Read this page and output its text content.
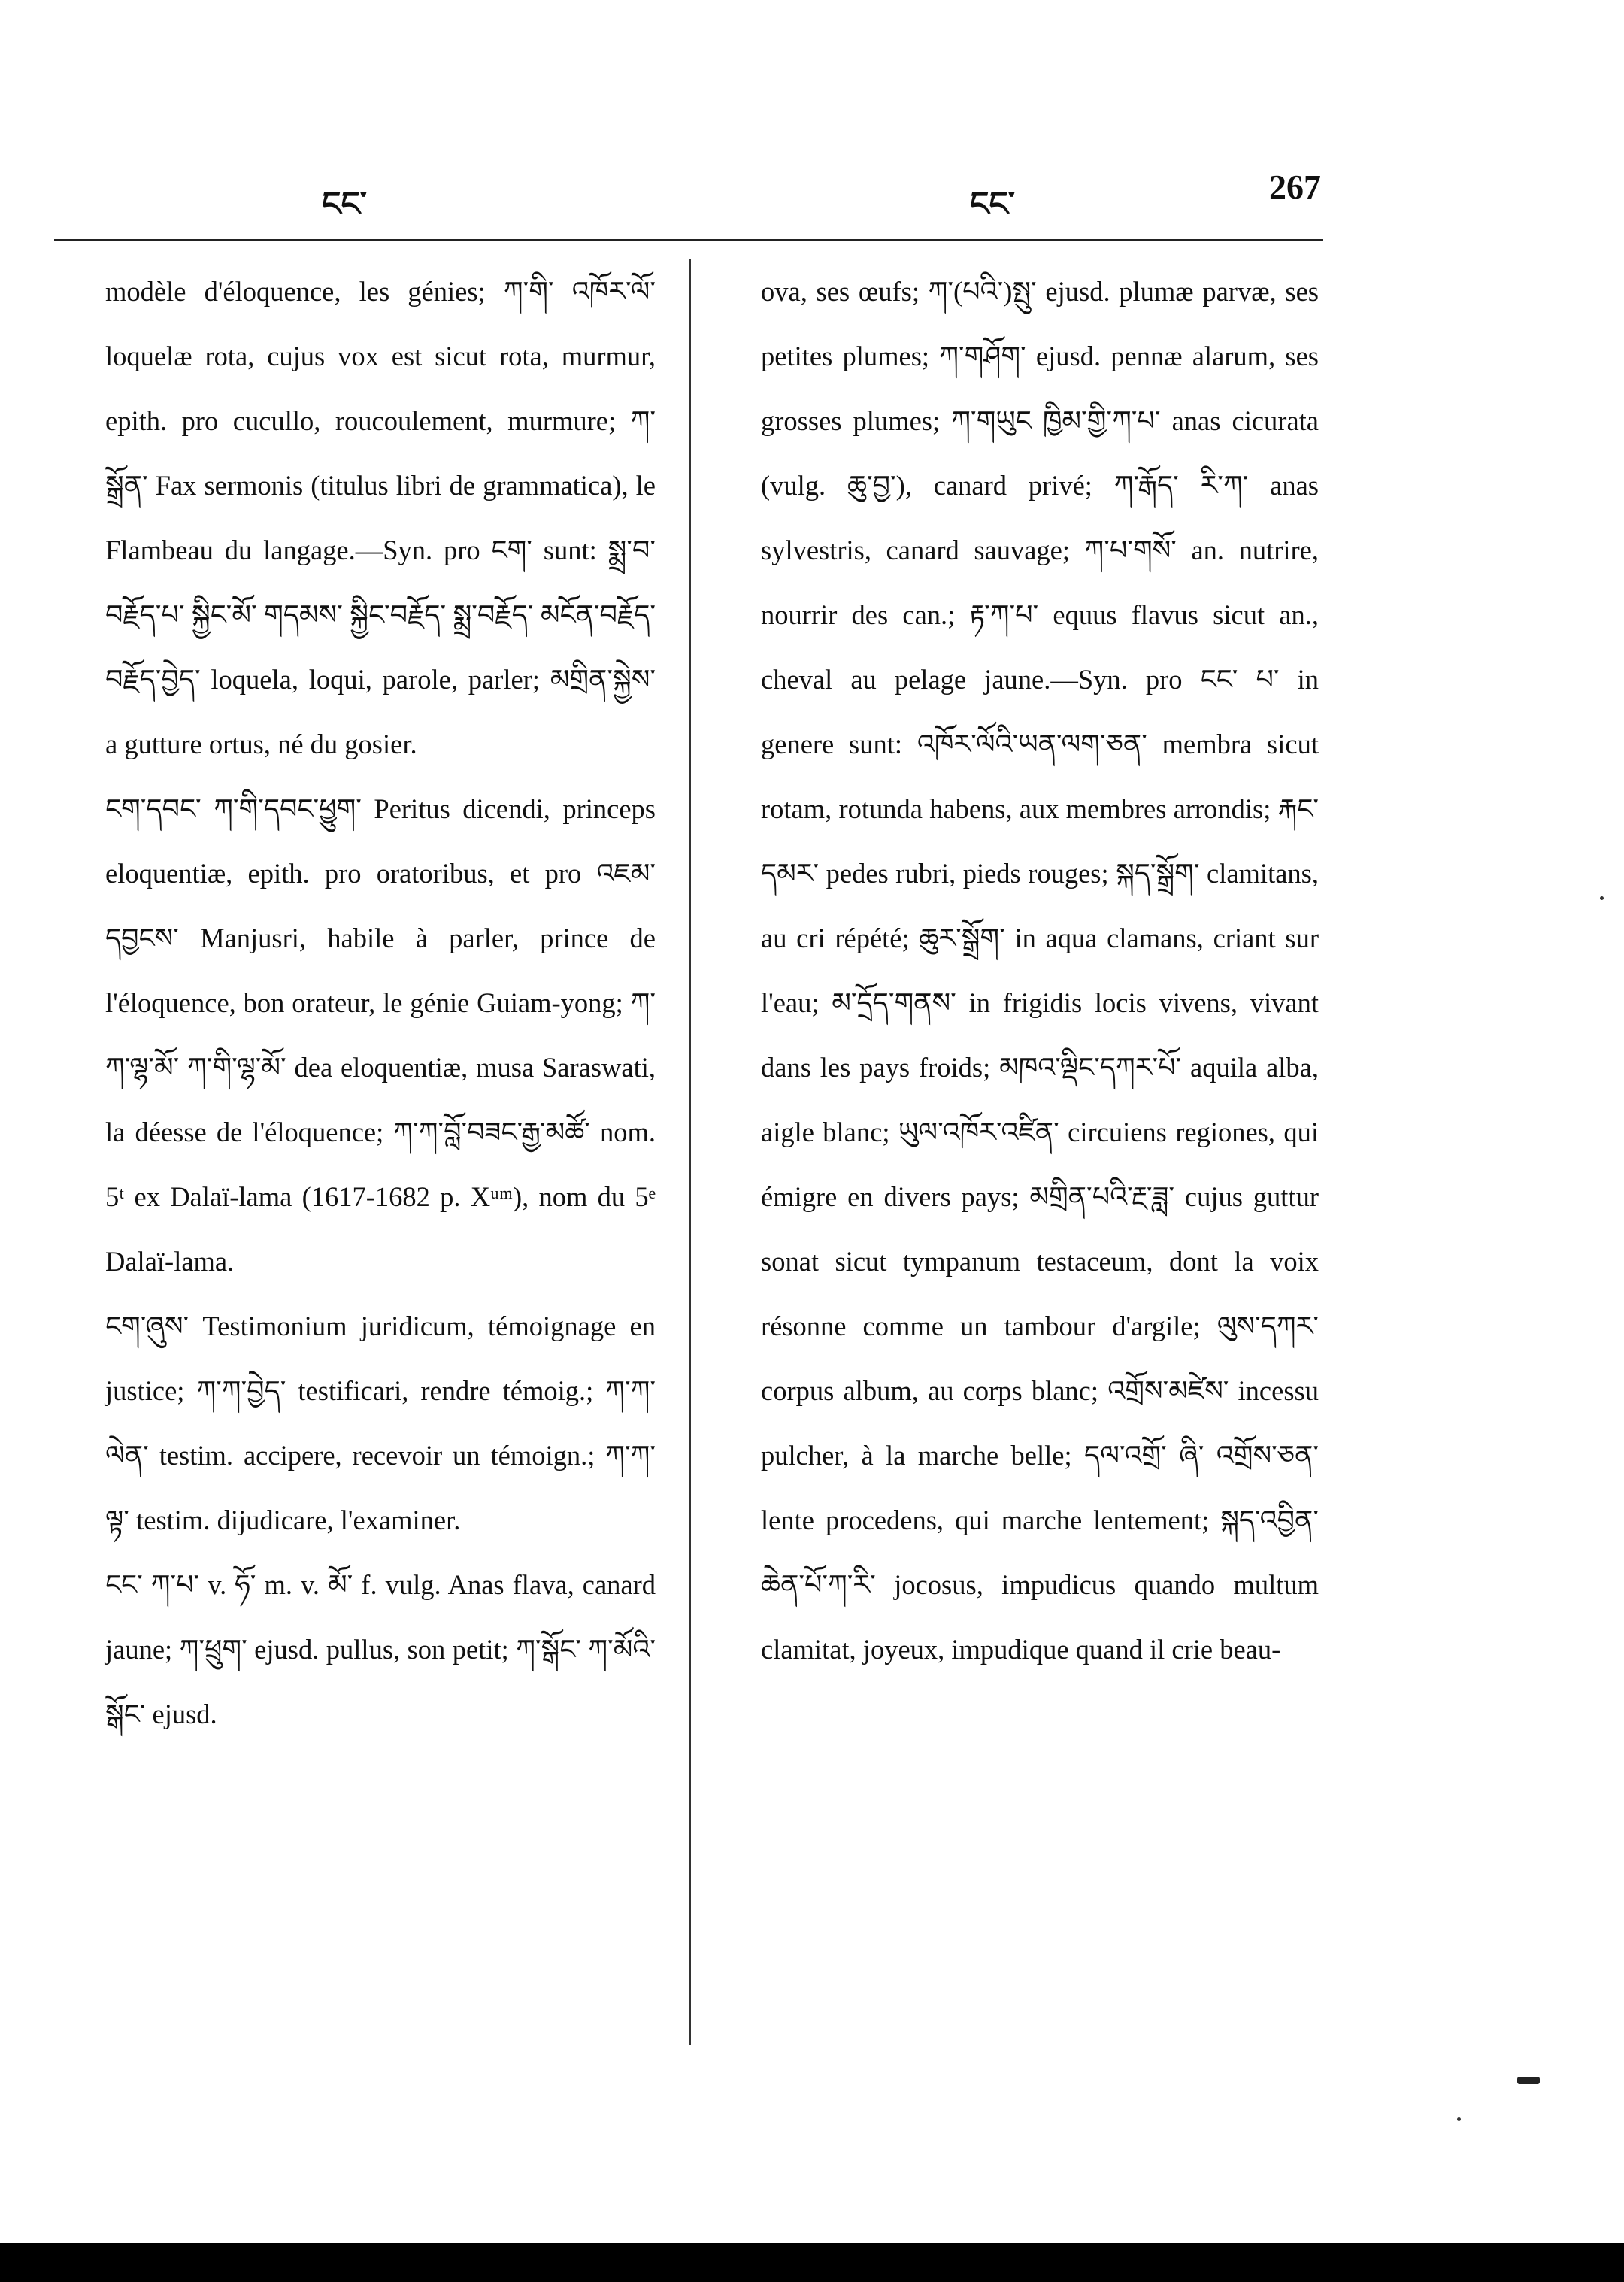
ངང་	ངང་	267

modèle d'éloquence, les génies; ཀ་གི་ འཁོར་ལོ་ loquelæ rota, cujus vox est sicut rota, murmur, epith. pro cucullo, roucoulement, murmure; ཀ་སྒྲོན་ Fax sermonis (titulus libri de grammatica), le Flambeau du langage.—Syn. pro ངག་ sunt: སྨྲ་བ་ བརྗོད་པ་ སྐྱིང་མོ་ གདམས་ སྐྱིང་བརྗོད་ སྨྲ་བརྗོད་ མངོན་བརྗོད་ བརྗོད་བྱེད་ loquela, loqui, parole, parler; མགྲིན་སྐྱེས་ a gutture ortus, né du gosier.

ངག་དབང་ ཀ་གི་དབང་ཕྱུག་ Peritus dicendi, princeps eloquentiæ, epith. pro oratoribus, et pro འཇམ་དབྱངས་ Manjusri, habile à parler, prince de l'éloquence, bon orateur, le génie Guiam-yong; ཀ་ཀ་ལྷ་མོ་ ཀ་གི་ལྷ་མོ་ dea eloquentiæ, musa Saraswati, la déesse de l'éloquence; ཀ་ཀ་བློ་བཟང་རྒྱ་མཚོ་ nom. 5ᵗ ex Dalaï-lama (1617-1682 p. Xᵘᵐ), nom du 5ᵉ Dalaï-lama.

ངག་ཞུས་ Testimonium juridicum, témoignage en justice; ཀ་ཀ་བྱེད་ testificari, rendre témoig.; ཀ་ཀ་ལེན་ testim. accipere, recevoir un témoign.; ཀ་ཀ་ལྟ་ testim. dijudicare, l'examiner.

ངང་ ཀ་པ་ v. ཧོ་ m. v. མོ་ f. vulg. Anas flava, canard jaune; ཀ་ཕྲུག་ ejusd. pullus, son petit; ཀ་སྒོང་ ཀ་མོའི་སྒོང་ ejusd.

ova, ses œufs; ཀ་(པའི་)སྤུ་ ejusd. plumæ parvæ, ses petites plumes; ཀ་གཤོག་ ejusd. pennæ alarum, ses grosses plumes; ཀ་གཡུང ཁྱིམ་གྱི་ཀ་པ་ anas cicurata (vulg. ཆུ་བྱ་), canard privé; ཀ་རྒོད་ རི་ཀ་ anas sylvestris, canard sauvage; ཀ་པ་གསོ་ an. nutrire, nourrir des can.; རྟ་ཀ་པ་ equus flavus sicut an., cheval au pelage jaune.—Syn. pro ངང་ པ་ in genere sunt: འཁོར་ལོའི་ཡན་ལག་ཅན་ membra sicut rotam, rotunda habens, aux membres arrondis; རྐང་དམར་ pedes rubri, pieds rouges; སྐད་སྒྲོག་ clamitans, au cri répété; ཆུར་སྒྲོག་ in aqua clamans, criant sur l'eau; མ་དྲོད་གནས་ in frigidis locis vivens, vivant dans les pays froids; མཁའ་ལྡིང་དཀར་པོ་ aquila alba, aigle blanc; ཡུལ་འཁོར་འཛིན་ circuiens regiones, qui émigre en divers pays; མགྲིན་པའི་རྔ་ཟླ་ cujus guttur sonat sicut tympanum testaceum, dont la voix résonne comme un tambour d'argile; ལུས་དཀར་ corpus album, au corps blanc; འགྲོས་མཛེས་ incessu pulcher, à la marche belle; དལ་འགྲོ་ ཞི་ འགྲོས་ཅན་ lente procedens, qui marche lentement; སྐད་འབྱིན་ཆེན་པོ་ཀ་རི་ jocosus, impudicus quando multum clamitat, joyeux, impudique quand il crie beau-
